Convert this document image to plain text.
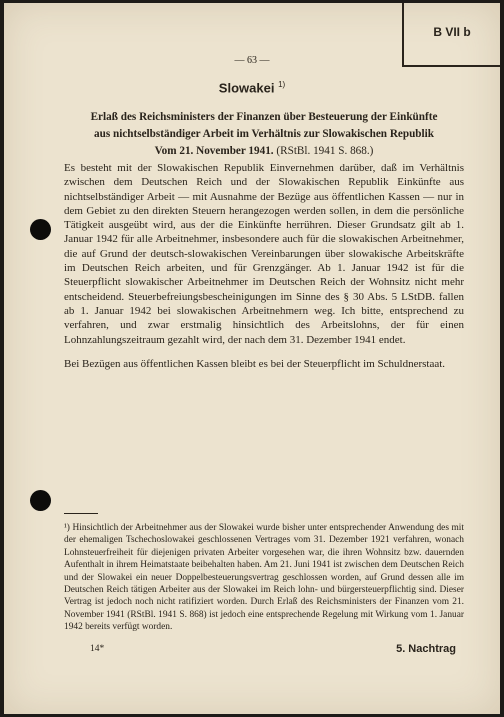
B VII b
— 63 —
Slowakei $^{1)}$
Erlaß des Reichsministers der Finanzen über Besteuerung der Einkünfte
aus nichtselbständiger Arbeit im Verhältnis zur Slowakischen Republik
Vom 21. November 1941. (RStBl. 1941 S. 868.)

Es besteht mit der Slowakischen Republik Einvernehmen darüber, daß im Verhältnis zwischen dem Deutschen Reich und der Slowakischen Republik Einkünfte aus nichtselbständiger Arbeit — mit Ausnahme der Bezüge aus öffentlichen Kassen — nur in dem Gebiet zu den direkten Steuern herangezogen werden sollen, in dem die persönliche Tätigkeit ausgeübt wird, aus der die Einkünfte herrühren. Dieser Grundsatz gilt ab 1. Januar 1942 für alle Arbeitnehmer, insbesondere auch für die slowakischen Arbeitnehmer, die auf Grund der deutsch-slowakischen Vereinbarungen über slowakische Arbeitskräfte im Deutschen Reich arbeiten, und für Grenzgänger. Ab 1. Januar 1942 ist für die Steuerpflicht slowakischer Arbeitnehmer im Deutschen Reich der Wohnsitz nicht mehr entscheidend. Steuerbefreiungsbescheinigungen im Sinne des § 30 Abs. 5 LStDB. fallen ab 1. Januar 1942 bei slowakischen Arbeitnehmern weg. Ich bitte, entsprechend zu verfahren, und zwar erstmalig hinsichtlich des Arbeitslohns, der für einen Lohnzahlungszeitraum gezahlt wird, der nach dem 31. Dezember 1941 endet.

Bei Bezügen aus öffentlichen Kassen bleibt es bei der Steuerpflicht im Schuldnerstaat.

¹) Hinsichtlich der Arbeitnehmer aus der Slowakei wurde bisher unter entsprechender Anwendung des mit der ehemaligen Tschechoslowakei geschlossenen Vertrages vom 31. Dezember 1921 verfahren, wonach Lohnsteuerfreiheit für diejenigen privaten Arbeiter vorgesehen war, die ihren Wohnsitz bzw. dauernden Aufenthalt in ihrem Heimatstaate beibehalten haben. Am 21. Juni 1941 ist zwischen dem Deutschen Reich und der Slowakei ein neuer Doppelbesteuerungsvertrag geschlossen worden, auf Grund dessen alle im Deutschen Reich tätigen Arbeiter aus der Slowakei im Reich lohn- und bürgersteuerpflichtig sind. Dieser Vertrag ist jedoch noch nicht ratifiziert worden. Durch Erlaß des Reichsministers der Finanzen vom 21. November 1941 (RStBl. 1941 S. 868) ist jedoch eine entsprechende Regelung mit Wirkung vom 1. Januar 1942 bereits verfügt worden.
14*	5. Nachtrag
